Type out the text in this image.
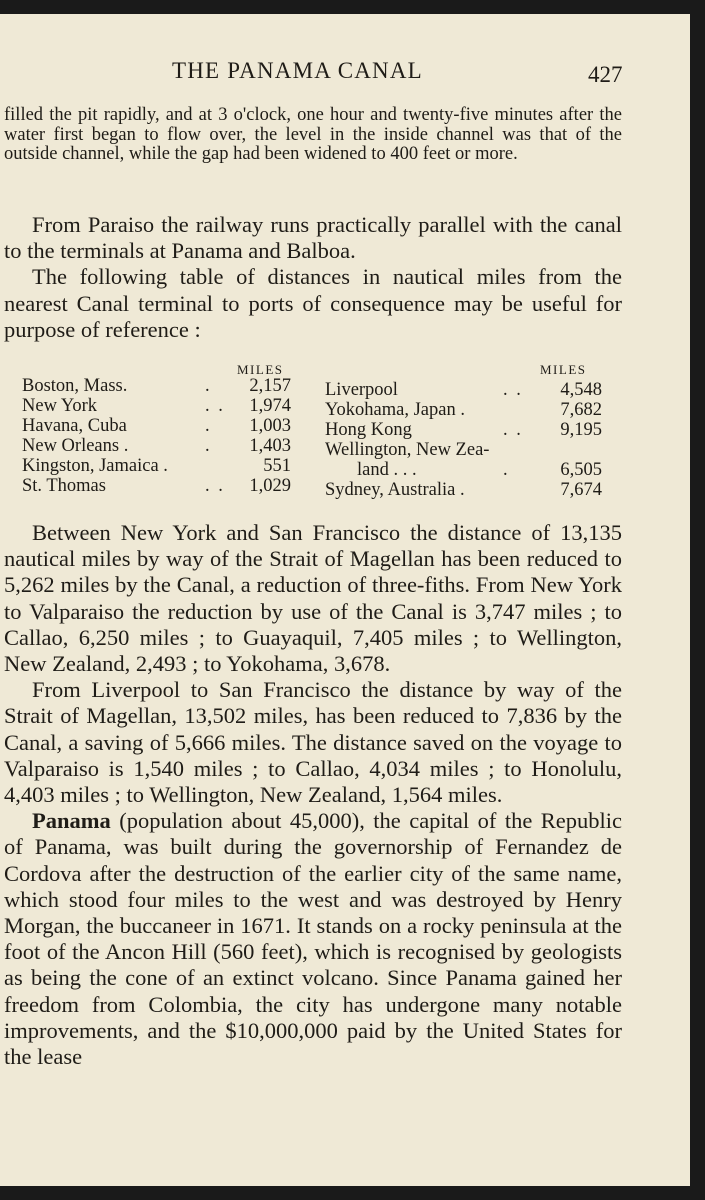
THE PANAMA CANAL	427

filled the pit rapidly, and at 3 o'clock, one hour and twenty-five minutes after the water first began to flow over, the level in the inside channel was that of the outside channel, while the gap had been widened to 400 feet or more.

From Paraiso the railway runs practically parallel with the canal to the terminals at Panama and Balboa.

The following table of distances in nautical miles from the nearest Canal terminal to ports of consequence may be useful for purpose of reference :

MILES
Boston, Mass.	. 2,157
New York	. . 1,974
Havana, Cuba	. 1,003
New Orleans .	. 1,403
Kingston, Jamaica .	551
St. Thomas	. . 1,029
MILES
Liverpool	. . 4,548
Yokohama, Japan .	7,682
Hong Kong	. . 9,195
Wellington, New Zea-
land . . .	.	6,505
Sydney, Australia .	7,674

Between New York and San Francisco the distance of 13,135 nautical miles by way of the Strait of Magellan has been reduced to 5,262 miles by the Canal, a reduction of three-fiths. From New York to Valparaiso the reduction by use of the Canal is 3,747 miles ; to Callao, 6,250 miles ; to Guayaquil, 7,405 miles ; to Wellington, New Zealand, 2,493 ; to Yokohama, 3,678.

From Liverpool to San Francisco the distance by way of the Strait of Magellan, 13,502 miles, has been reduced to 7,836 by the Canal, a saving of 5,666 miles. The distance saved on the voyage to Valparaiso is 1,540 miles ; to Callao, 4,034 miles ; to Honolulu, 4,403 miles ; to Wellington, New Zealand, 1,564 miles.

Panama (population about 45,000), the capital of the Republic of Panama, was built during the governorship of Fernandez de Cordova after the destruction of the earlier city of the same name, which stood four miles to the west and was destroyed by Henry Morgan, the buccaneer in 1671. It stands on a rocky peninsula at the foot of the Ancon Hill (560 feet), which is recognised by geologists as being the cone of an extinct volcano. Since Panama gained her freedom from Colombia, the city has undergone many notable improvements, and the $10,000,000 paid by the United States for the lease
